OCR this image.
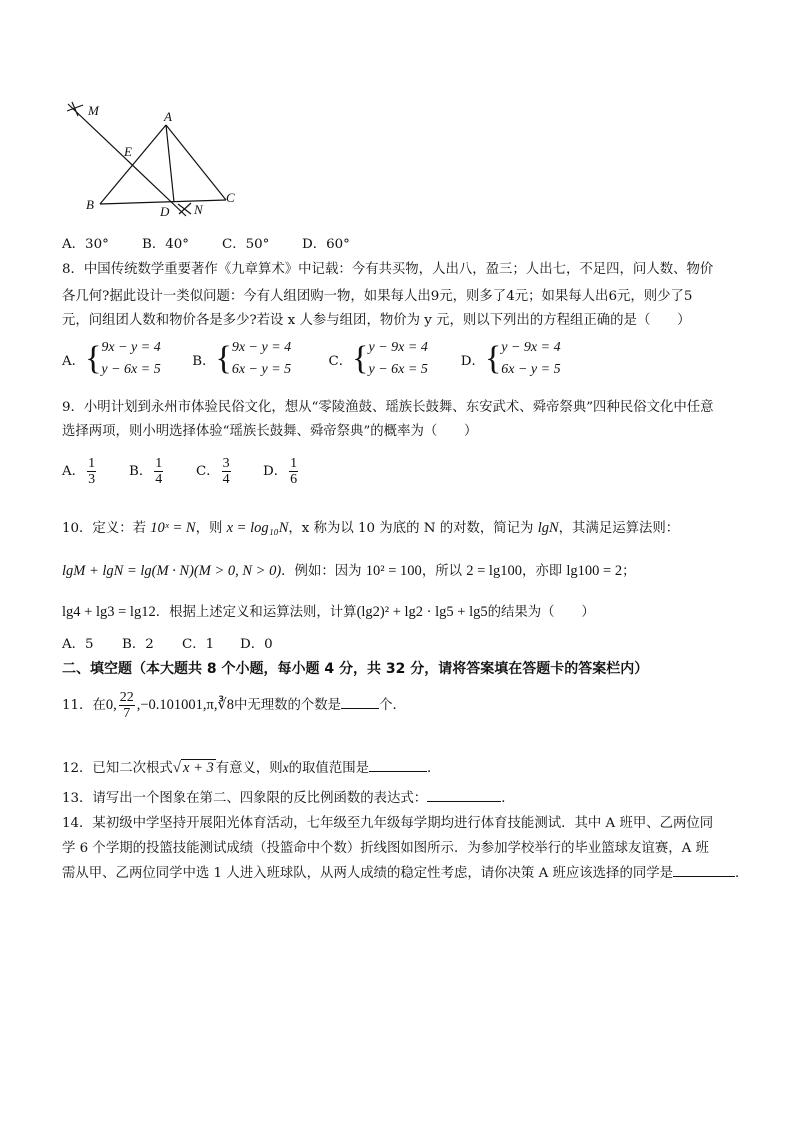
M	A
E
B	C
D N
A．30° B．40° C．50° D．60°
8．中国传统数学重要著作《九章算术》中记载：今有共买物，人出八，盈三；人出七，不足四，问人数、物价
各几何?据此设计一类似问题：今有人组团购一物，如果每人出9元，则多了4元；如果每人出6元，则少了5
元，问组团人数和物价各是多少?若设 x 人参与组团，物价为 y 元，则以下列出的方程组正确的是（　　）
A． { 9x − y = 4
y − 6x = 5

B． { 9x − y = 4
6x − y = 5

C． { y − 9x = 4
y − 6x = 5

D． { y − 9x = 4
6x − y = 5
9．小明计划到永州市体验民俗文化，想从“零陵渔鼓、瑶族长鼓舞、东安武术、舜帝祭典”四种民俗文化中任意
选择两项，则小明选择体验“瑶族长鼓舞、舜帝祭典”的概率为（　　）
A． $\frac{1}{3}$ B． $\frac{1}{4}$ C． $\frac{3}{4}$ D． $\frac{1}{6}$
10．定义：若 10ˣ = N，则 x = log₁₀N，x 称为以 10 为底的 N 的对数，简记为 lgN，其满足运算法则：
lgM + lgN = lg(M · N)(M > 0, N > 0)．例如：因为 10² = 100，所以 2 = lg100，亦即 lg100 = 2；
lg4 + lg3 = lg12．根据上述定义和运算法则，计算(lg2)² + lg2 · lg5 + lg5的结果为（　　）
A．5 B．2 C．1 D．0
二、填空题（本大题共 8 个小题，每小题 4 分，共 32 分，请将答案填在答题卡的答案栏内）
11．在0, $\frac{22}{7}$ ,−0.101001,π,∛8中无理数的个数是	个．
12．已知二次根式√ x + 3 有意义，则x的取值范围是	．
13．请写出一个图象在第二、四象限的反比例函数的表达式：	．
14．某初级中学坚持开展阳光体育活动，七年级至九年级每学期均进行体育技能测试．其中 A 班甲、乙两位同
学 6 个学期的投篮技能测试成绩（投篮命中个数）折线图如图所示．为参加学校举行的毕业篮球友谊赛，A 班
需从甲、乙两位同学中选 1 人进入班球队，从两人成绩的稳定性考虑，请你决策 A 班应该选择的同学是	．
